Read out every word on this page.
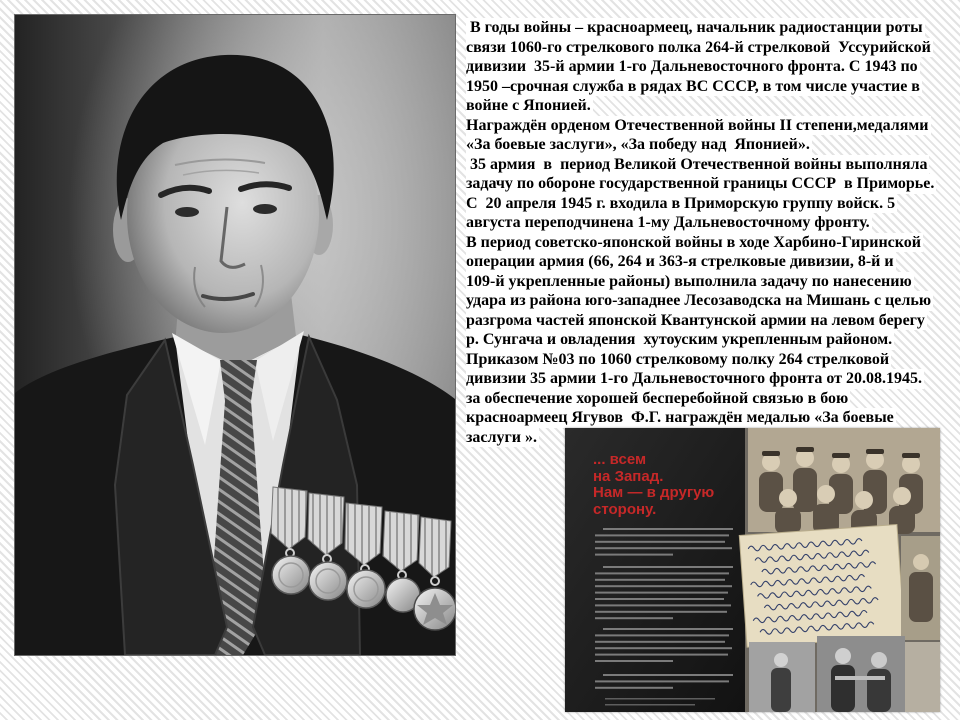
В годы войны – красноармеец, начальник радиостанции роты
связи 1060-го стрелкового полка 264-й стрелковой  Уссурийской
дивизии  35-й армии 1-го Дальневосточного фронта. С 1943 по
1950 –срочная служба в рядах ВС СССР, в том числе участие в
войне с Японией.
Награждён орденом Отечественной войны II степени,медалями
«За боевые заслуги», «За победу над  Японией».
35 армия  в  период Великой Отечественной войны выполняла
задачу по обороне государственной границы СССР  в Приморье.
С  20 апреля 1945 г. входила в Приморскую группу войск. 5
августа переподчинена 1-му Дальневосточному фронту.
В период советско-японской войны в ходе Харбино-Гиринской
операции армия (66, 264 и 363-я стрелковые дивизии, 8-й и
109-й укрепленные районы) выполнила задачу по нанесению
удара из района юго-западнее Лесозаводска на Мишань с целью
разгрома частей японской Квантунской армии на левом берегу
р. Сунгача и овладения  хутоуским укрепленным районом.
Приказом №03 по 1060 стрелковому полку 264 стрелковой
дивизии 35 армии 1-го Дальневосточного фронта от 20.08.1945.
за обеспечение хорошей бесперебойной связью в бою
красноармеец Ягувов  Ф.Г. награждён медалью «За боевые
заслуги ».
... всем
на Запад.
Нам — в другую
сторону.
